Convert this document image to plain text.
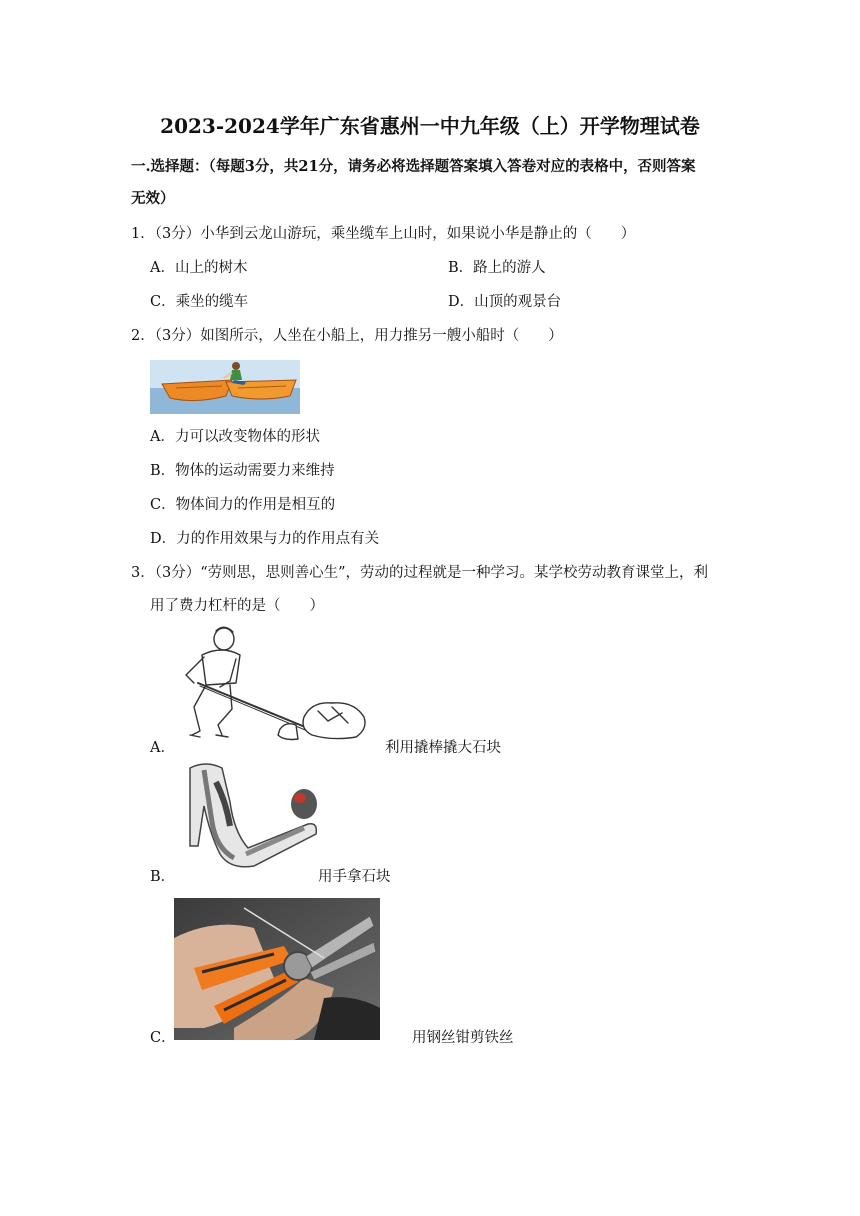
2023-2024学年广东省惠州一中九年级（上）开学物理试卷
一.选择题：（每题3分，共21分，请务必将选择题答案填入答卷对应的表格中，否则答案
无效）
1．（3分）小华到云龙山游玩，乘坐缆车上山时，如果说小华是静止的（　　）
A．山上的树木	B．路上的游人
C．乘坐的缆车	D．山顶的观景台
2．（3分）如图所示，人坐在小船上，用力推另一艘小船时（　　）
A．力可以改变物体的形状
B．物体的运动需要力来维持
C．物体间力的作用是相互的
D．力的作用效果与力的作用点有关
3．（3分）“劳则思，思则善心生”，劳动的过程就是一种学习。某学校劳动教育课堂上，利
用了费力杠杆的是（　　）
A．	利用撬棒撬大石块
B．	用手拿石块
C．	用钢丝钳剪铁丝
